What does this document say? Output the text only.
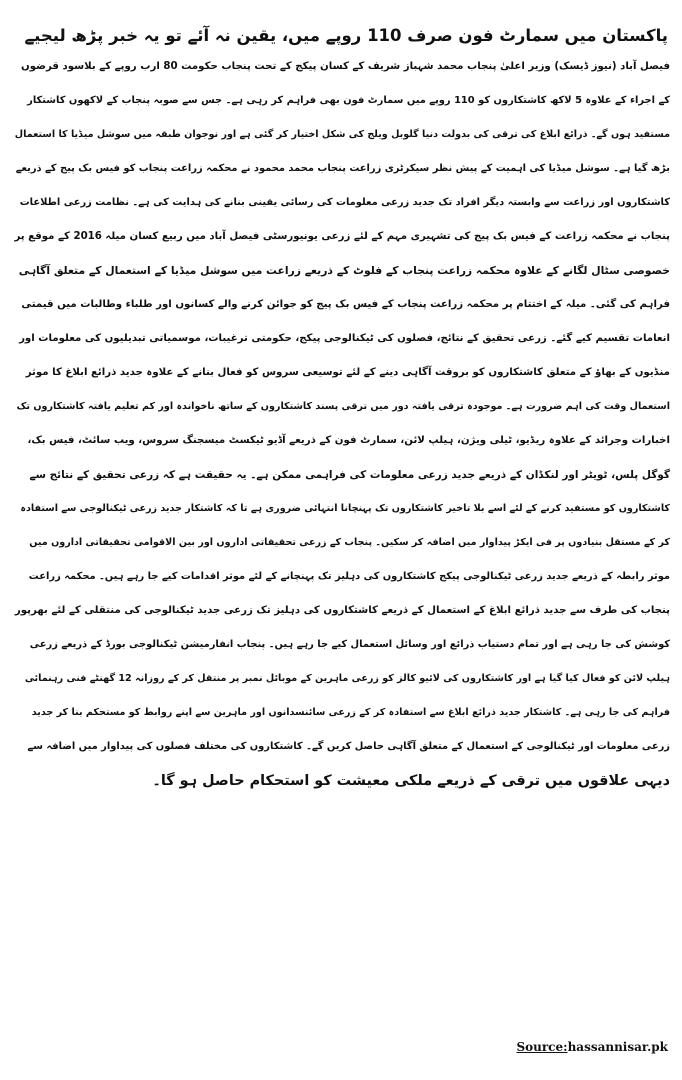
پاکستان میں سمارٹ فون صرف 110 روپے میں، یقین نہ آئے تو یہ خبر پڑھ لیجیے
فیصل آباد (نیوز ڈیسک) وزیر اعلیٰ پنجاب محمد شہباز شریف کے کسان پیکج کے تحت پنجاب حکومت 80 ارب روپے کے بلاسود قرضوں
کے اجراء کے علاوہ 5 لاکھ کاشتکاروں کو 110 روپے میں سمارٹ فون بھی فراہم کر رہی ہے۔ جس سے صوبہ پنجاب کے لاکھوں کاشتکار
مستفید ہوں گے۔ ذرائع ابلاغ کی ترقی کی بدولت دنیا گلوبل ویلج کی شکل اختیار کر گئی ہے اور نوجوان طبقہ میں سوشل میڈیا کا استعمال
بڑھ گیا ہے۔ سوشل میڈیا کی اہمیت کے پیش نظر سیکرٹری زراعت پنجاب محمد محمود نے محکمہ زراعت پنجاب کو فیس بک پیج کے ذریعے
کاشتکاروں اور زراعت سے وابستہ دیگر افراد تک جدید زرعی معلومات کی رسائی یقینی بنانے کی ہدایت کی ہے۔ نظامت زرعی اطلاعات
پنجاب نے محکمہ زراعت کے فیس بک پیج کی تشہیری مہم کے لئے زرعی یونیورسٹی فیصل آباد میں ربیع کسان میلہ 2016 کے موقع پر
خصوصی سٹال لگانے کے علاوہ محکمہ زراعت پنجاب کے فلوٹ کے ذریعے زراعت میں سوشل میڈیا کے استعمال کے متعلق آگاہی
فراہم کی گئی۔ میلہ کے اختتام پر محکمہ زراعت پنجاب کے فیس بک پیج کو جوائن کرنے والے کسانوں اور طلباء وطالبات میں قیمتی
انعامات تقسیم کیے گئے۔ زرعی تحقیق کے نتائج، فصلوں کی ٹیکنالوجی پیکج، حکومتی ترغیبات، موسمیاتی تبدیلیوں کی معلومات اور
منڈیوں کے بھاؤ کے متعلق کاشتکاروں کو بروقت آگاہی دینے کے لئے توسیعی سروس کو فعال بنانے کے علاوہ جدید ذرائع ابلاغ کا موثر
استعمال وقت کی اہم ضرورت ہے۔ موجودہ ترقی یافتہ دور میں ترقی پسند کاشتکاروں کے ساتھ ناخواندہ اور کم تعلیم یافتہ کاشتکاروں تک
اخبارات وجرائد کے علاوہ ریڈیو، ٹیلی ویژن، ہیلپ لائن، سمارٹ فون کے ذریعے آڈیو ٹیکسٹ میسجنگ سروس، ویب سائٹ، فیس بک،
گوگل پلس، ٹویٹر اور لنکڈان کے ذریعے جدید زرعی معلومات کی فراہمی ممکن ہے۔ یہ حقیقت ہے کہ زرعی تحقیق کے نتائج سے
کاشتکاروں کو مستفید کرنے کے لئے اسے بلا تاخیر کاشتکاروں تک پہنچانا انتہائی ضروری ہے تا کہ کاشتکار جدید زرعی ٹیکنالوجی سے استفادہ
کر کے مستقل بنیادوں پر فی ایکڑ پیداوار میں اضافہ کر سکیں۔ پنجاب کے زرعی تحقیقاتی اداروں اور بین الاقوامی تحقیقاتی اداروں میں
موثر رابطہ کے ذریعے جدید زرعی ٹیکنالوجی پیکج کاشتکاروں کی دہلیز تک پہنچانے کے لئے موثر اقدامات کیے جا رہے ہیں۔ محکمہ زراعت
پنجاب کی طرف سے جدید ذرائع ابلاغ کے استعمال کے ذریعے کاشتکاروں کی دہلیز تک زرعی جدید ٹیکنالوجی کی منتقلی کے لئے بھرپور
کوشش کی جا رہی ہے اور تمام دستیاب ذرائع اور وسائل استعمال کیے جا رہے ہیں۔ پنجاب انفارمیشن ٹیکنالوجی بورڈ کے ذریعے زرعی
ہیلپ لائن کو فعال کیا گیا ہے اور کاشتکاروں کی لائیو کالز کو زرعی ماہرین کے موبائل نمبر پر منتقل کر کے روزانہ 12 گھنٹے فنی رہنمائی
فراہم کی جا رہی ہے۔ کاشتکار جدید ذرائع ابلاغ سے استفادہ کر کے زرعی سائنسدانوں اور ماہرین سے اپنے روابط کو مستحکم بنا کر جدید
زرعی معلومات اور ٹیکنالوجی کے استعمال کے متعلق آگاہی حاصل کریں گے۔ کاشتکاروں کی مختلف فصلوں کی پیداوار میں اضافہ سے
دیہی علاقوں میں ترقی کے ذریعے ملکی معیشت کو استحکام حاصل ہو گا۔
Source:hassannisar.pk
